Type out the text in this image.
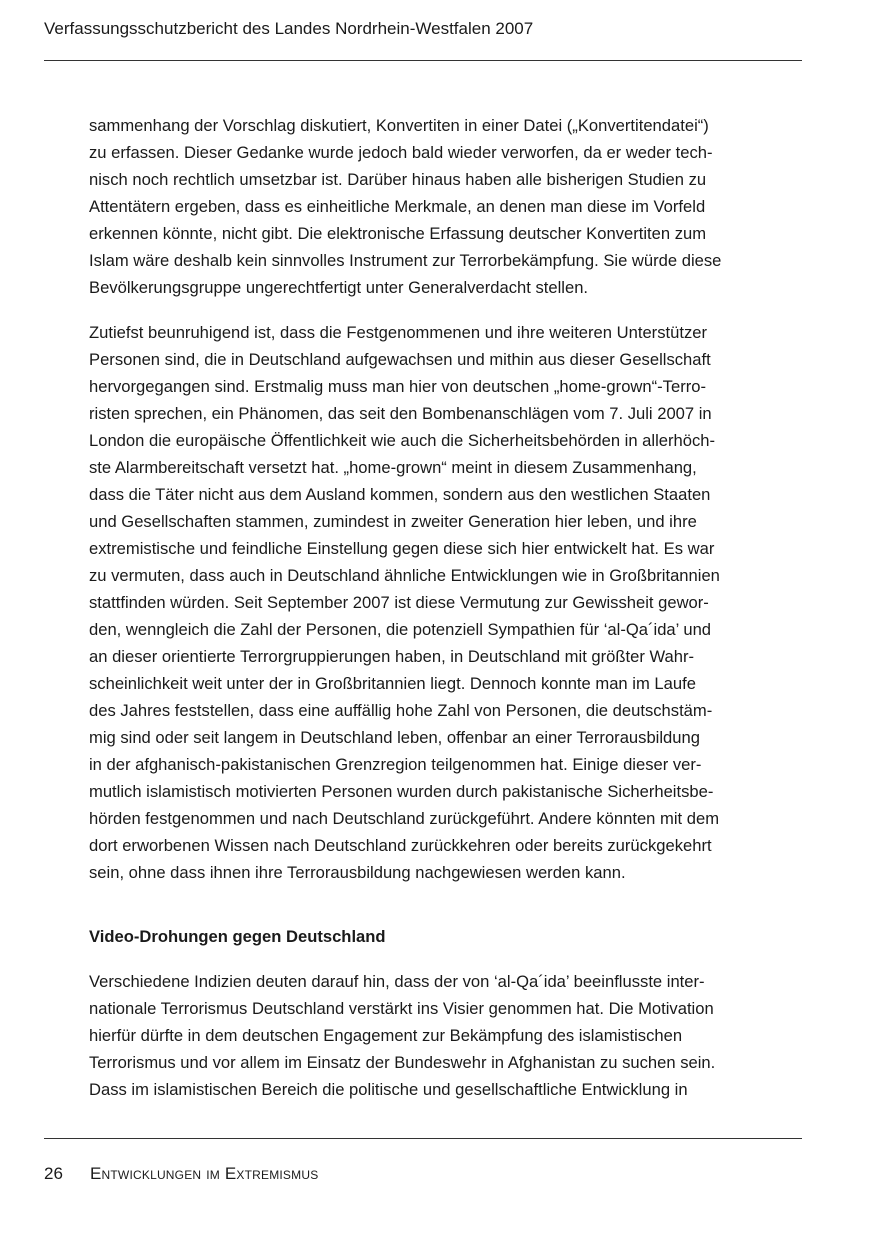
Verfassungsschutzbericht des Landes Nordrhein-Westfalen 2007

sammenhang der Vorschlag diskutiert, Konvertiten in einer Datei („Konvertitendatei“)
zu erfassen. Dieser Gedanke wurde jedoch bald wieder verworfen, da er weder tech-
nisch noch rechtlich umsetzbar ist. Darüber hinaus haben alle bisherigen Studien zu
Attentätern ergeben, dass es einheitliche Merkmale, an denen man diese im Vorfeld
erkennen könnte, nicht gibt. Die elektronische Erfassung deutscher Konvertiten zum
Islam wäre deshalb kein sinnvolles Instrument zur Terrorbekämpfung. Sie würde diese
Bevölkerungsgruppe ungerechtfertigt unter Generalverdacht stellen.

Zutiefst beunruhigend ist, dass die Festgenommenen und ihre weiteren Unterstützer
Personen sind, die in Deutschland aufgewachsen und mithin aus dieser Gesellschaft
hervorgegangen sind. Erstmalig muss man hier von deutschen „home-grown“-Terro-
risten sprechen, ein Phänomen, das seit den Bombenanschlägen vom 7. Juli 2007 in
London die europäische Öffentlichkeit wie auch die Sicherheitsbehörden in allerhöch-
ste Alarmbereitschaft versetzt hat. „home-grown“ meint in diesem Zusammenhang,
dass die Täter nicht aus dem Ausland kommen, sondern aus den westlichen Staaten
und Gesellschaften stammen, zumindest in zweiter Generation hier leben, und ihre
extremistische und feindliche Einstellung gegen diese sich hier entwickelt hat. Es war
zu vermuten, dass auch in Deutschland ähnliche Entwicklungen wie in Großbritannien
stattfinden würden. Seit September 2007 ist diese Vermutung zur Gewissheit gewor-
den, wenngleich die Zahl der Personen, die potenziell Sympathien für ‘al-Qa´ida’ und
an dieser orientierte Terrorgruppierungen haben, in Deutschland mit größter Wahr-
scheinlichkeit weit unter der in Großbritannien liegt. Dennoch konnte man im Laufe
des Jahres feststellen, dass eine auffällig hohe Zahl von Personen, die deutschstäm-
mig sind oder seit langem in Deutschland leben, offenbar an einer Terrorausbildung
in der afghanisch-pakistanischen Grenzregion teilgenommen hat. Einige dieser ver-
mutlich islamistisch motivierten Personen wurden durch pakistanische Sicherheitsbe-
hörden festgenommen und nach Deutschland zurückgeführt. Andere könnten mit dem
dort erworbenen Wissen nach Deutschland zurückkehren oder bereits zurückgekehrt
sein, ohne dass ihnen ihre Terrorausbildung nachgewiesen werden kann.

Video-Drohungen gegen Deutschland

Verschiedene Indizien deuten darauf hin, dass der von ‘al-Qa´ida’ beeinflusste inter-
nationale Terrorismus Deutschland verstärkt ins Visier genommen hat. Die Motivation
hierfür dürfte in dem deutschen Engagement zur Bekämpfung des islamistischen
Terrorismus und vor allem im Einsatz der Bundeswehr in Afghanistan zu suchen sein.
Dass im islamistischen Bereich die politische und gesellschaftliche Entwicklung in

26 Entwicklungen im Extremismus
